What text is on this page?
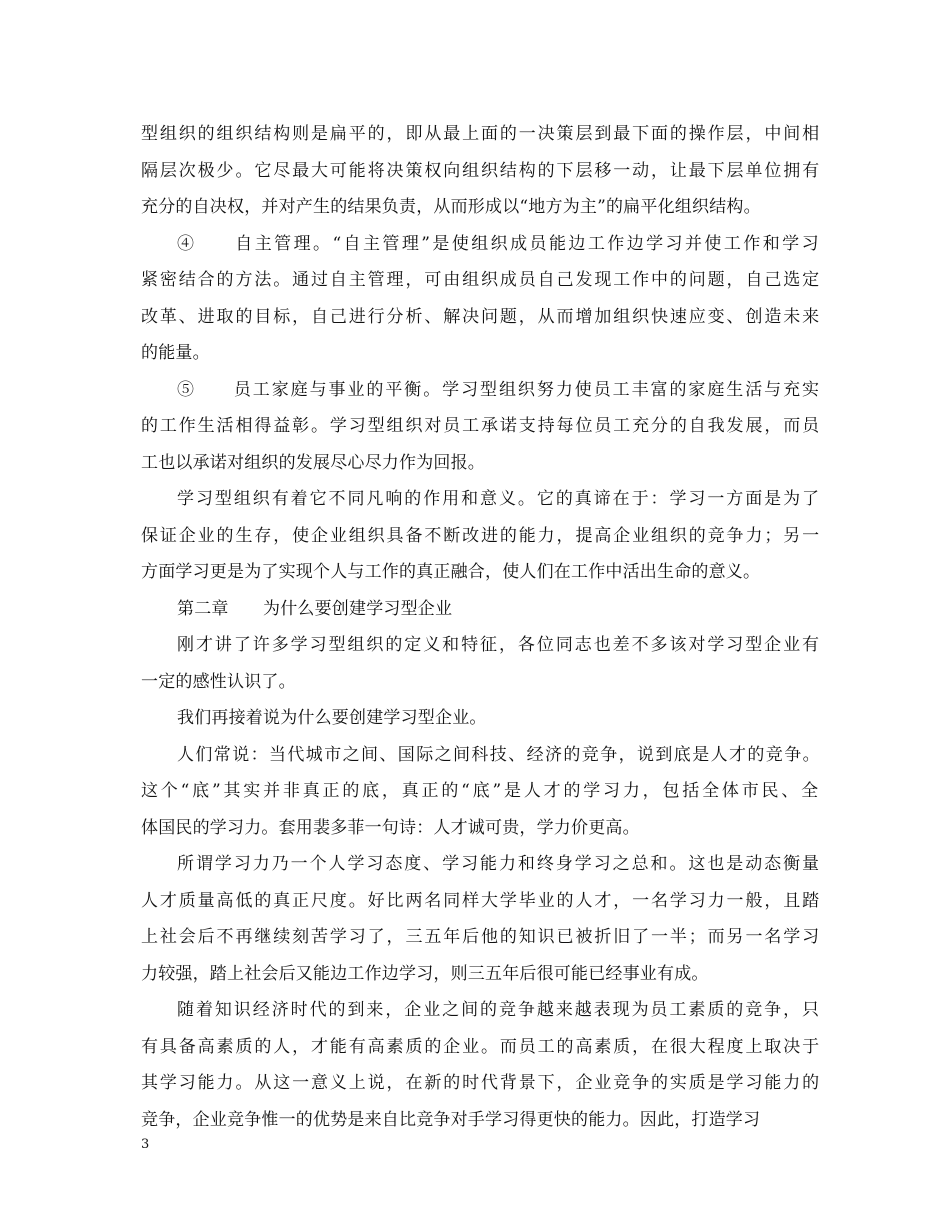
型组织的组织结构则是扁平的，即从最上面的一决策层到最下面的操作层，中间相
隔层次极少。它尽最大可能将决策权向组织结构的下层移一动，让最下层单位拥有
充分的自决权，并对产生的结果负责，从而形成以“地方为主”的扁平化组织结构。
④　　自主管理。“自主管理”是使组织成员能边工作边学习并使工作和学习
紧密结合的方法。通过自主管理，可由组织成员自己发现工作中的问题，自己选定
改革、进取的目标，自己进行分析、解决问题，从而增加组织快速应变、创造未来
的能量。
⑤　　员工家庭与事业的平衡。学习型组织努力使员工丰富的家庭生活与充实
的工作生活相得益彰。学习型组织对员工承诺支持每位员工充分的自我发展，而员
工也以承诺对组织的发展尽心尽力作为回报。
学习型组织有着它不同凡响的作用和意义。它的真谛在于：学习一方面是为了
保证企业的生存，使企业组织具备不断改进的能力，提高企业组织的竞争力；另一
方面学习更是为了实现个人与工作的真正融合，使人们在工作中活出生命的意义。
第二章　　为什么要创建学习型企业
刚才讲了许多学习型组织的定义和特征，各位同志也差不多该对学习型企业有
一定的感性认识了。
我们再接着说为什么要创建学习型企业。
人们常说：当代城市之间、国际之间科技、经济的竞争，说到底是人才的竞争。
这个“底”其实并非真正的底，真正的“底”是人才的学习力，包括全体市民、全
体国民的学习力。套用裴多菲一句诗：人才诚可贵，学力价更高。
所谓学习力乃一个人学习态度、学习能力和终身学习之总和。这也是动态衡量
人才质量高低的真正尺度。好比两名同样大学毕业的人才，一名学习力一般，且踏
上社会后不再继续刻苦学习了，三五年后他的知识已被折旧了一半；而另一名学习
力较强，踏上社会后又能边工作边学习，则三五年后很可能已经事业有成。
随着知识经济时代的到来，企业之间的竞争越来越表现为员工素质的竞争，只
有具备高素质的人，才能有高素质的企业。而员工的高素质，在很大程度上取决于
其学习能力。从这一意义上说，在新的时代背景下，企业竞争的实质是学习能力的
竞争，企业竞争惟一的优势是来自比竞争对手学习得更快的能力。因此，打造学习
3
